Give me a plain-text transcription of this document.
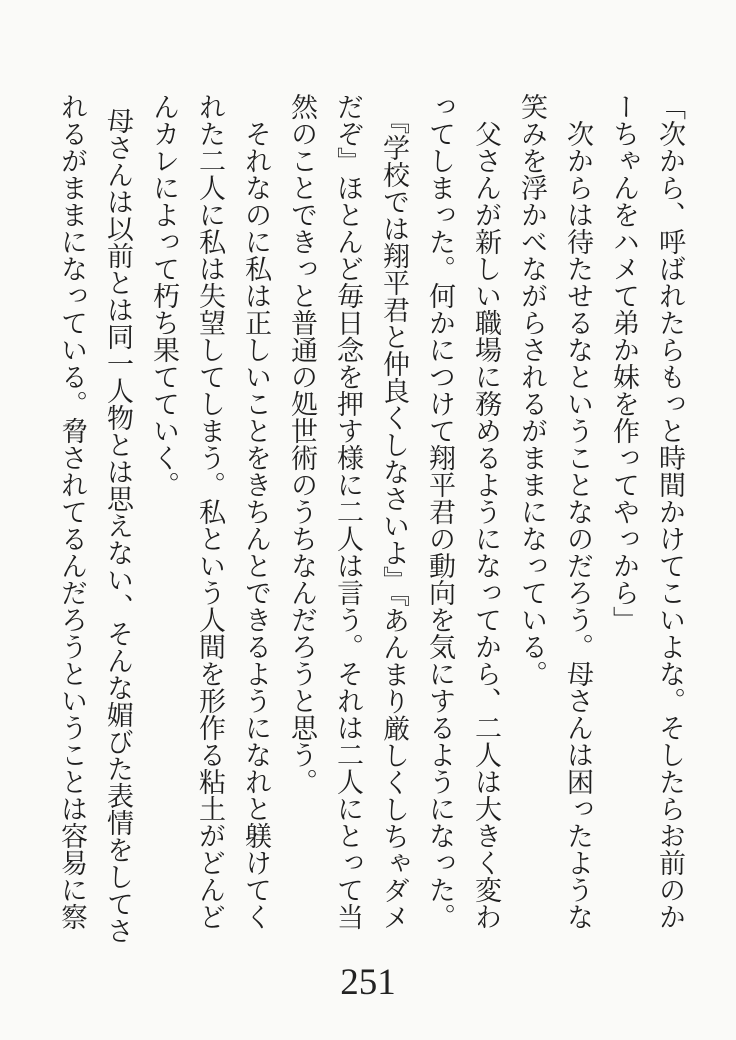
「次から、呼ばれたらもっと時間かけてこいよな。そしたらお前のかーちゃんをハメて弟か妹を作ってやっから」

次からは待たせるなということなのだろう。母さんは困ったような笑みを浮かべながらされるがままになっている。

父さんが新しい職場に務めるようになってから、二人は大きく変わってしまった。何かにつけて翔平君の動向を気にするようになった。

『学校では翔平君と仲良くしなさいよ』『あんまり厳しくしちゃダメだぞ』ほとんど毎日念を押す様に二人は言う。それは二人にとって当然のことできっと普通の処世術のうちなんだろうと思う。

それなのに私は正しいことをきちんとできるようになれと躾けてくれた二人に私は失望してしまう。私という人間を形作る粘土がどんどんカレによって朽ち果てていく。

母さんは以前とは同一人物とは思えない、そんな媚びた表情をしてされるがままになっている。脅されてるんだろうということは容易に察

251
